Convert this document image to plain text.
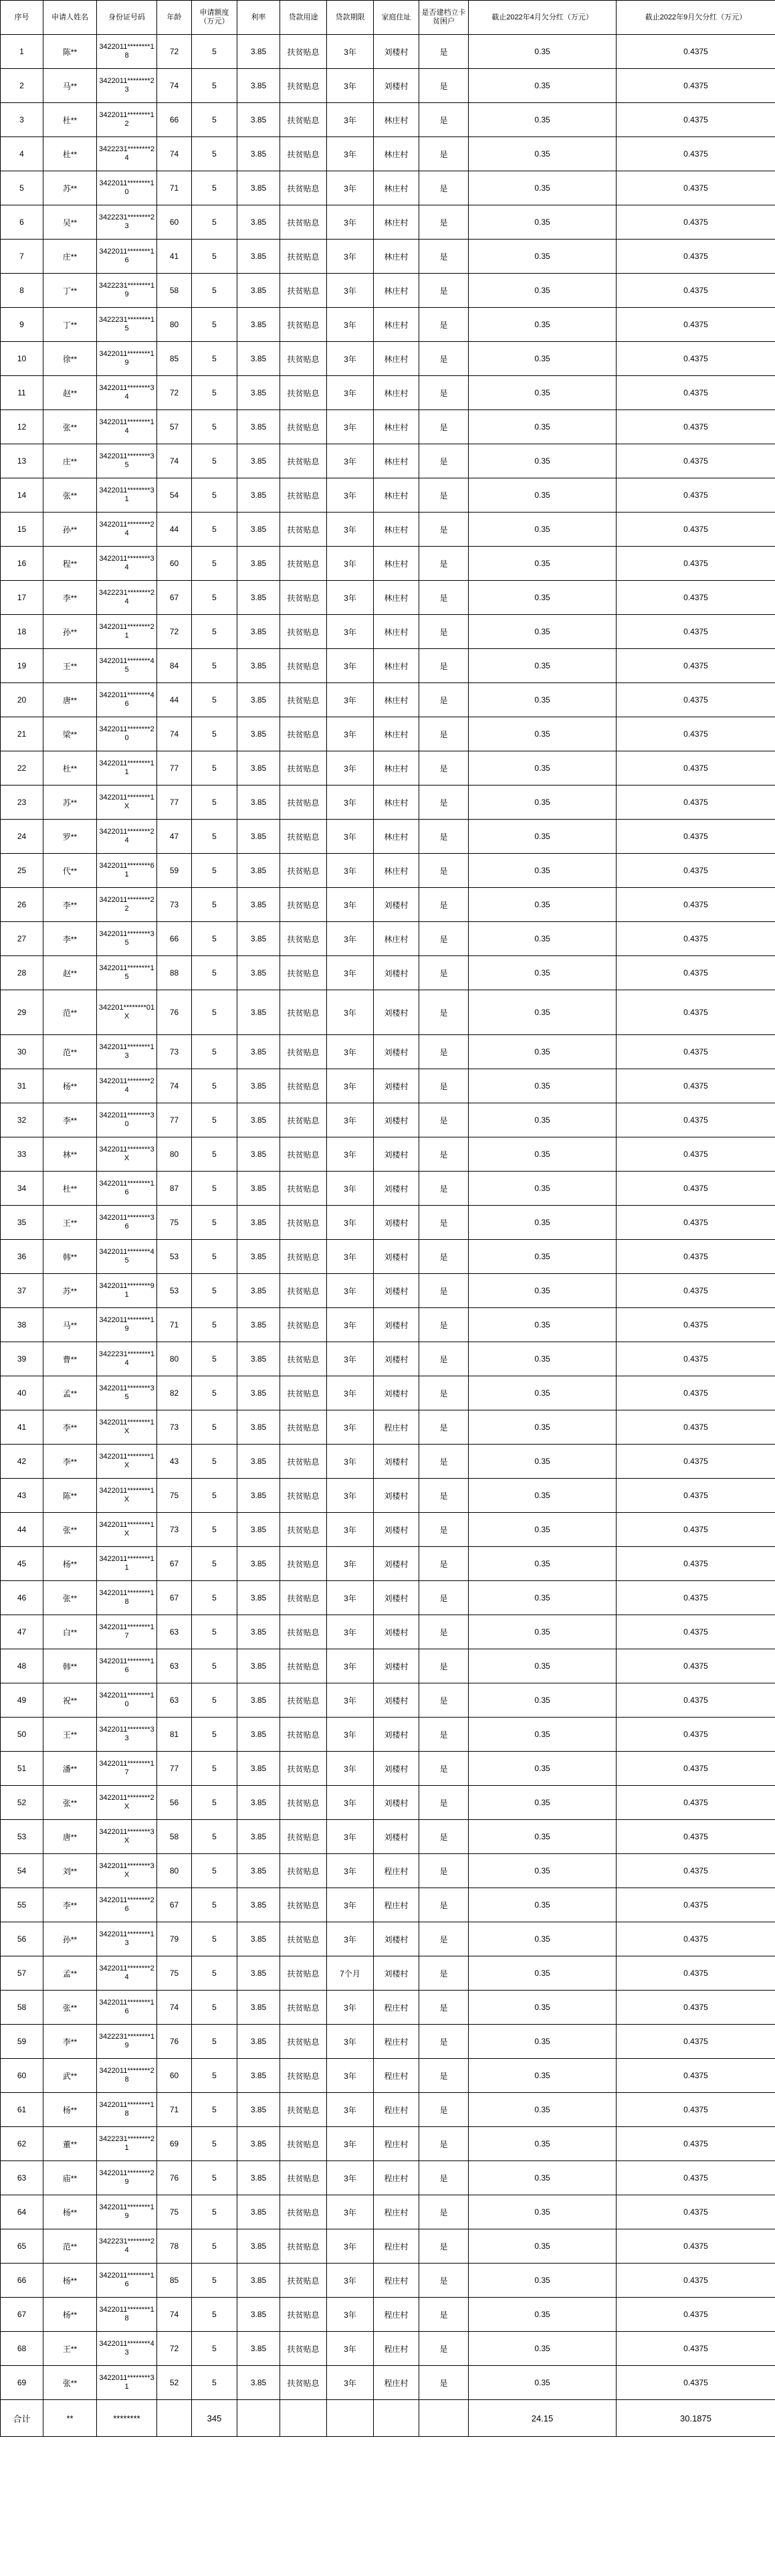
序号	申请人姓名	身份证号码	年龄	申请额度（万元）	利率	贷款用途	贷款期限	家庭住址	是否建档立卡贫困户	截止2022年4月欠分红（万元）	截止2022年9月欠分红（万元）
1	陈**	3422011********18	72	5	3.85	扶贫贴息	3年	刘楼村	是	0.35	0.4375
2	马**	3422011********23	74	5	3.85	扶贫贴息	3年	刘楼村	是	0.35	0.4375
3	杜**	3422011********12	66	5	3.85	扶贫贴息	3年	林庄村	是	0.35	0.4375
4	杜**	3422231********24	74	5	3.85	扶贫贴息	3年	林庄村	是	0.35	0.4375
5	苏**	3422011********10	71	5	3.85	扶贫贴息	3年	林庄村	是	0.35	0.4375
6	吴**	3422231********23	60	5	3.85	扶贫贴息	3年	林庄村	是	0.35	0.4375
7	庄**	3422011********16	41	5	3.85	扶贫贴息	3年	林庄村	是	0.35	0.4375
8	丁**	3422231********19	58	5	3.85	扶贫贴息	3年	林庄村	是	0.35	0.4375
9	丁**	3422231********15	80	5	3.85	扶贫贴息	3年	林庄村	是	0.35	0.4375
10	徐**	3422011********19	85	5	3.85	扶贫贴息	3年	林庄村	是	0.35	0.4375
11	赵**	3422011********34	72	5	3.85	扶贫贴息	3年	林庄村	是	0.35	0.4375
12	张**	3422011********14	57	5	3.85	扶贫贴息	3年	林庄村	是	0.35	0.4375
13	庄**	3422011********35	74	5	3.85	扶贫贴息	3年	林庄村	是	0.35	0.4375
14	张**	3422011********31	54	5	3.85	扶贫贴息	3年	林庄村	是	0.35	0.4375
15	孙**	3422011********24	44	5	3.85	扶贫贴息	3年	林庄村	是	0.35	0.4375
16	程**	3422011********34	60	5	3.85	扶贫贴息	3年	林庄村	是	0.35	0.4375
17	李**	3422231********24	67	5	3.85	扶贫贴息	3年	林庄村	是	0.35	0.4375
18	孙**	3422011********21	72	5	3.85	扶贫贴息	3年	林庄村	是	0.35	0.4375
19	王**	3422011********45	84	5	3.85	扶贫贴息	3年	林庄村	是	0.35	0.4375
20	唐**	3422011********46	44	5	3.85	扶贫贴息	3年	林庄村	是	0.35	0.4375
21	梁**	3422011********20	74	5	3.85	扶贫贴息	3年	林庄村	是	0.35	0.4375
22	杜**	3422011********11	77	5	3.85	扶贫贴息	3年	林庄村	是	0.35	0.4375
23	苏**	3422011********1X	77	5	3.85	扶贫贴息	3年	林庄村	是	0.35	0.4375
24	罗**	3422011********24	47	5	3.85	扶贫贴息	3年	林庄村	是	0.35	0.4375
25	代**	3422011********61	59	5	3.85	扶贫贴息	3年	林庄村	是	0.35	0.4375
26	李**	3422011********22	73	5	3.85	扶贫贴息	3年	刘楼村	是	0.35	0.4375
27	李**	3422011********35	66	5	3.85	扶贫贴息	3年	林庄村	是	0.35	0.4375
28	赵**	3422011********15	88	5	3.85	扶贫贴息	3年	刘楼村	是	0.35	0.4375
29	范**	342201********01X	76	5	3.85	扶贫贴息	3年	刘楼村	是	0.35	0.4375
30	范**	3422011********13	73	5	3.85	扶贫贴息	3年	刘楼村	是	0.35	0.4375
31	杨**	3422011********24	74	5	3.85	扶贫贴息	3年	刘楼村	是	0.35	0.4375
32	李**	3422011********30	77	5	3.85	扶贫贴息	3年	刘楼村	是	0.35	0.4375
33	林**	3422011********3X	80	5	3.85	扶贫贴息	3年	刘楼村	是	0.35	0.4375
34	杜**	3422011********16	87	5	3.85	扶贫贴息	3年	刘楼村	是	0.35	0.4375
35	王**	3422011********36	75	5	3.85	扶贫贴息	3年	刘楼村	是	0.35	0.4375
36	韩**	3422011********45	53	5	3.85	扶贫贴息	3年	刘楼村	是	0.35	0.4375
37	苏**	3422011********91	53	5	3.85	扶贫贴息	3年	刘楼村	是	0.35	0.4375
38	马**	3422011********19	71	5	3.85	扶贫贴息	3年	刘楼村	是	0.35	0.4375
39	曹**	3422231********14	80	5	3.85	扶贫贴息	3年	刘楼村	是	0.35	0.4375
40	孟**	3422011********35	82	5	3.85	扶贫贴息	3年	刘楼村	是	0.35	0.4375
41	李**	3422011********1X	73	5	3.85	扶贫贴息	3年	程庄村	是	0.35	0.4375
42	李**	3422011********1X	43	5	3.85	扶贫贴息	3年	刘楼村	是	0.35	0.4375
43	陈**	3422011********1X	75	5	3.85	扶贫贴息	3年	刘楼村	是	0.35	0.4375
44	张**	3422011********1X	73	5	3.85	扶贫贴息	3年	刘楼村	是	0.35	0.4375
45	杨**	3422011********11	67	5	3.85	扶贫贴息	3年	刘楼村	是	0.35	0.4375
46	张**	3422011********18	67	5	3.85	扶贫贴息	3年	刘楼村	是	0.35	0.4375
47	白**	3422011********17	63	5	3.85	扶贫贴息	3年	刘楼村	是	0.35	0.4375
48	韩**	3422011********16	63	5	3.85	扶贫贴息	3年	刘楼村	是	0.35	0.4375
49	祝**	3422011********10	63	5	3.85	扶贫贴息	3年	刘楼村	是	0.35	0.4375
50	王**	3422011********33	81	5	3.85	扶贫贴息	3年	刘楼村	是	0.35	0.4375
51	潘**	3422011********17	77	5	3.85	扶贫贴息	3年	刘楼村	是	0.35	0.4375
52	张**	3422011********2X	56	5	3.85	扶贫贴息	3年	刘楼村	是	0.35	0.4375
53	唐**	3422011********3X	58	5	3.85	扶贫贴息	3年	刘楼村	是	0.35	0.4375
54	刘**	3422011********3X	80	5	3.85	扶贫贴息	3年	程庄村	是	0.35	0.4375
55	李**	3422011********26	67	5	3.85	扶贫贴息	3年	程庄村	是	0.35	0.4375
56	孙**	3422011********13	79	5	3.85	扶贫贴息	3年	刘楼村	是	0.35	0.4375
57	孟**	3422011********24	75	5	3.85	扶贫贴息	7个月	刘楼村	是	0.35	0.4375
58	张**	3422011********16	74	5	3.85	扶贫贴息	3年	程庄村	是	0.35	0.4375
59	李**	3422231********19	76	5	3.85	扶贫贴息	3年	程庄村	是	0.35	0.4375
60	武**	3422011********28	60	5	3.85	扶贫贴息	3年	程庄村	是	0.35	0.4375
61	杨**	3422011********18	71	5	3.85	扶贫贴息	3年	程庄村	是	0.35	0.4375
62	董**	3422231********21	69	5	3.85	扶贫贴息	3年	程庄村	是	0.35	0.4375
63	庙**	3422011********29	76	5	3.85	扶贫贴息	3年	程庄村	是	0.35	0.4375
64	杨**	3422011********19	75	5	3.85	扶贫贴息	3年	程庄村	是	0.35	0.4375
65	范**	3422231********24	78	5	3.85	扶贫贴息	3年	程庄村	是	0.35	0.4375
66	杨**	3422011********16	85	5	3.85	扶贫贴息	3年	程庄村	是	0.35	0.4375
67	杨**	3422011********18	74	5	3.85	扶贫贴息	3年	程庄村	是	0.35	0.4375
68	王**	3422011********43	72	5	3.85	扶贫贴息	3年	程庄村	是	0.35	0.4375
69	张**	3422011********31	52	5	3.85	扶贫贴息	3年	程庄村	是	0.35	0.4375
合计	**	********		345						24.15	30.1875
